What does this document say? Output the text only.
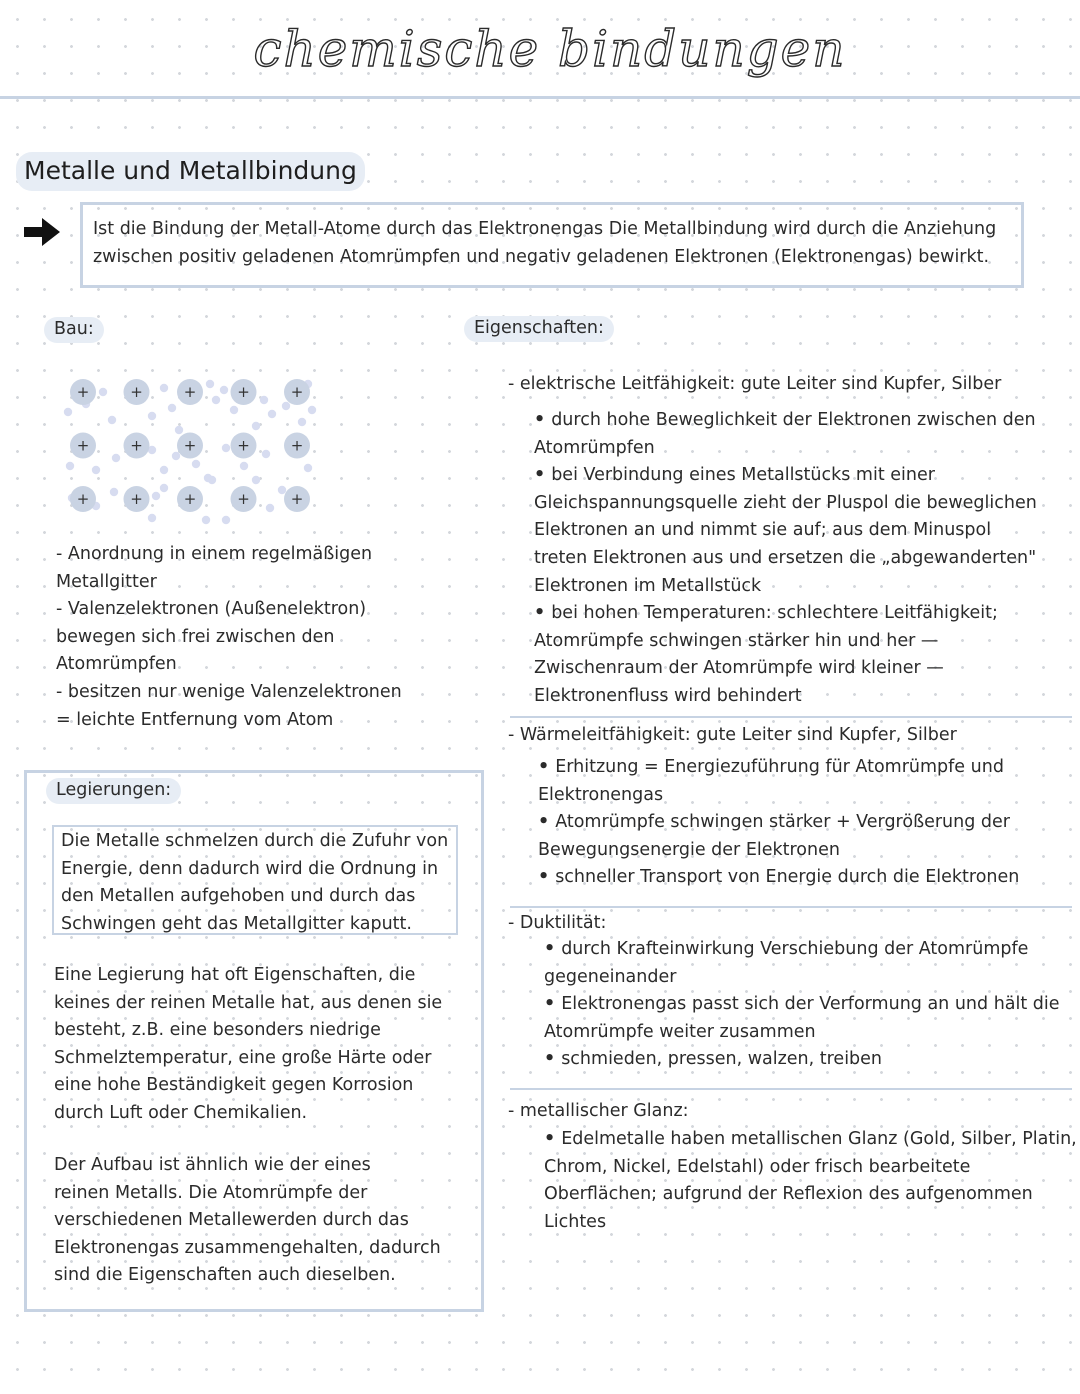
chemische bindungen
Metalle und Metallbindung
Ist die Bindung der Metall-Atome durch das Elektronengas Die Metallbindung wird durch die Anziehung
zwischen positiv geladenen Atomrümpfen und negativ geladenen Elektronen (Elektronengas) bewirkt.
Bau:
+	+	+	+	+
+	+	+	+	+
+	+	+	+	+
- Anordnung in einem regelmäßigen
Metallgitter
- Valenzelektronen (Außenelektron)
bewegen sich frei zwischen den
Atomrümpfen
- besitzen nur wenige Valenzelektronen
= leichte Entfernung vom Atom
Legierungen:
Die Metalle schmelzen durch die Zufuhr von
Energie, denn dadurch wird die Ordnung in
den Metallen aufgehoben und durch das
Schwingen geht das Metallgitter kaputt.
Eine Legierung hat oft Eigenschaften, die
keines der reinen Metalle hat, aus denen sie
besteht, z.B. eine besonders niedrige
Schmelztemperatur, eine große Härte oder
eine hohe Beständigkeit gegen Korrosion
durch Luft oder Chemikalien.
Der Aufbau ist ähnlich wie der eines
reinen Metalls. Die Atomrümpfe der
verschiedenen Metallewerden durch das
Elektronengas zusammengehalten, dadurch
sind die Eigenschaften auch dieselben.
Eigenschaften:
- elektrische Leitfähigkeit: gute Leiter sind Kupfer, Silber
• durch hohe Beweglichkeit der Elektronen zwischen den
Atomrümpfen
• bei Verbindung eines Metallstücks mit einer
Gleichspannungsquelle zieht der Pluspol die beweglichen
Elektronen an und nimmt sie auf; aus dem Minuspol
treten Elektronen aus und ersetzen die „abgewanderten"
Elektronen im Metallstück
• bei hohen Temperaturen: schlechtere Leitfähigkeit;
Atomrümpfe schwingen stärker hin und her —
Zwischenraum der Atomrümpfe wird kleiner —
Elektronenfluss wird behindert
- Wärmeleitfähigkeit: gute Leiter sind Kupfer, Silber
• Erhitzung = Energiezuführung für Atomrümpfe und
Elektronengas
• Atomrümpfe schwingen stärker + Vergrößerung der
Bewegungsenergie der Elektronen
• schneller Transport von Energie durch die Elektronen
- Duktilität:
• durch Krafteinwirkung Verschiebung der Atomrümpfe
gegeneinander
• Elektronengas passt sich der Verformung an und hält die
Atomrümpfe weiter zusammen
• schmieden, pressen, walzen, treiben
- metallischer Glanz:
• Edelmetalle haben metallischen Glanz (Gold, Silber, Platin,
Chrom, Nickel, Edelstahl) oder frisch bearbeitete
Oberflächen; aufgrund der Reflexion des aufgenommen
Lichtes
